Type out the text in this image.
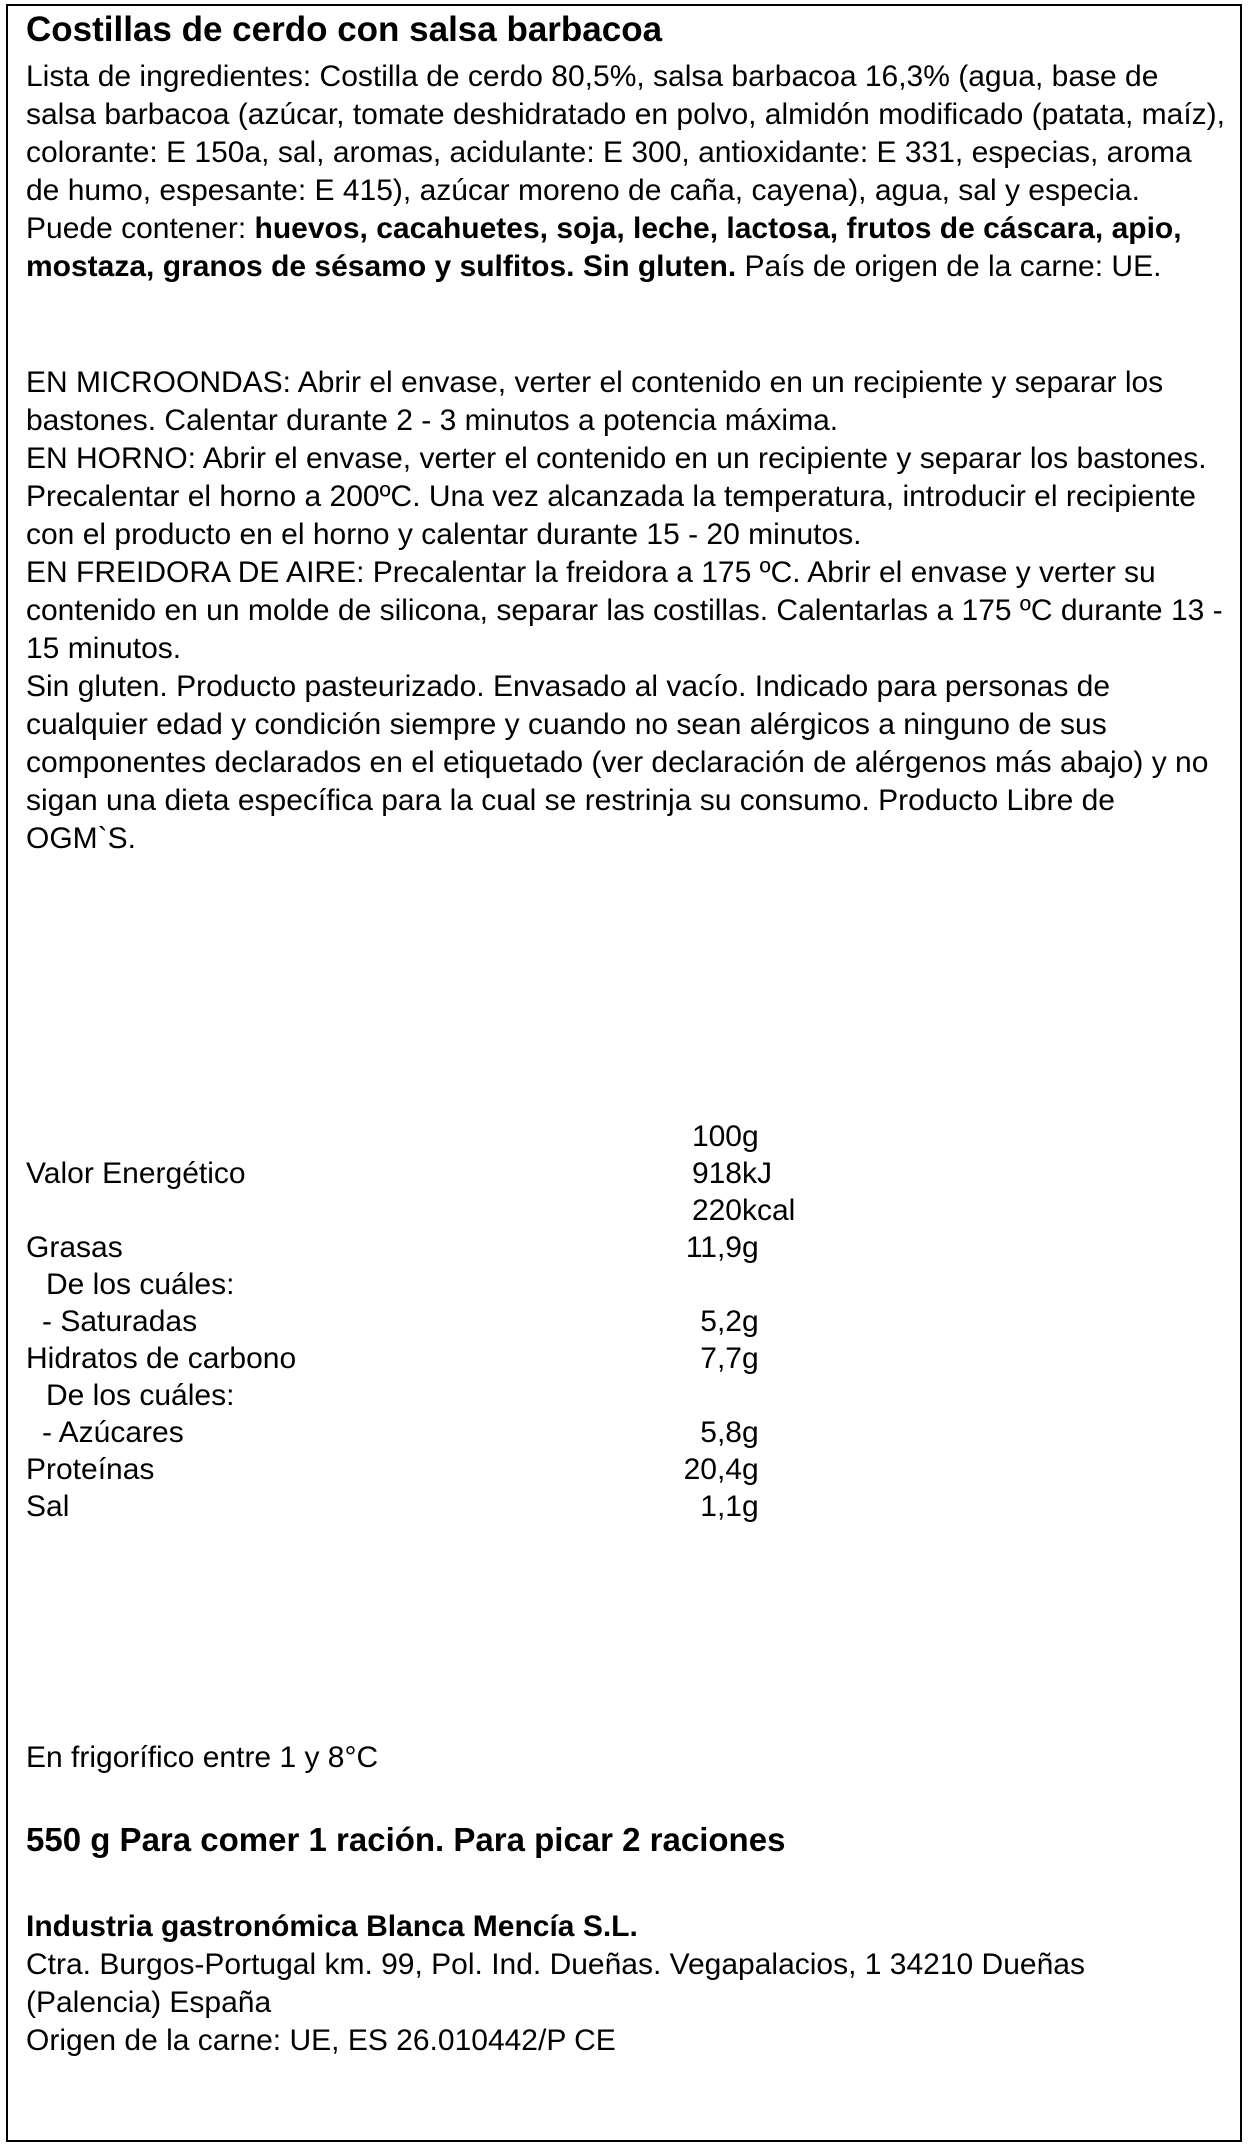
Costillas de cerdo con salsa barbacoa

Lista de ingredientes: Costilla de cerdo 80,5%, salsa barbacoa 16,3% (agua, base de salsa barbacoa (azúcar, tomate deshidratado en polvo, almidón modificado (patata, maíz), colorante: E 150a, sal, aromas, acidulante: E 300, antioxidante: E 331, especias, aroma de humo, espesante: E 415), azúcar moreno de caña, cayena), agua, sal y especia. Puede contener: huevos, cacahuetes, soja, leche, lactosa, frutos de cáscara, apio, mostaza, granos de sésamo y sulfitos. Sin gluten. País de origen de la carne: UE.

EN MICROONDAS: Abrir el envase, verter el contenido en un recipiente y separar los bastones. Calentar durante 2 - 3 minutos a potencia máxima.

EN HORNO: Abrir el envase, verter el contenido en un recipiente y separar los bastones. Precalentar el horno a 200ºC. Una vez alcanzada la temperatura, introducir el recipiente con el producto en el horno y calentar durante 15 - 20 minutos.

EN FREIDORA DE AIRE: Precalentar la freidora a 175 ºC. Abrir el envase y verter su contenido en un molde de silicona, separar las costillas. Calentarlas a 175 ºC durante 13 - 15 minutos.

Sin gluten. Producto pasteurizado. Envasado al vacío. Indicado para personas de cualquier edad y condición siempre y cuando no sean alérgicos a ninguno de sus componentes declarados en el etiquetado (ver declaración de alérgenos más abajo) y no sigan una dieta específica para la cual se restrinja su consumo. Producto Libre de OGM`S.

100 g
Valor Energético	918 kJ
220 kcal
Grasas	11,9 g
De los cuáles:
- Saturadas	5,2 g
Hidratos de carbono	7,7 g
De los cuáles:
- Azúcares	5,8 g
Proteínas	20,4 g
Sal	1,1 g
En frigorífico entre 1 y 8°C
550 g Para comer 1 ración. Para picar 2 raciones

Industria gastronómica Blanca Mencía S.L.

Ctra. Burgos-Portugal km. 99, Pol. Ind. Dueñas. Vegapalacios, 1 34210 Dueñas (Palencia) España

Origen de la carne: UE, ES 26.010442/P CE
